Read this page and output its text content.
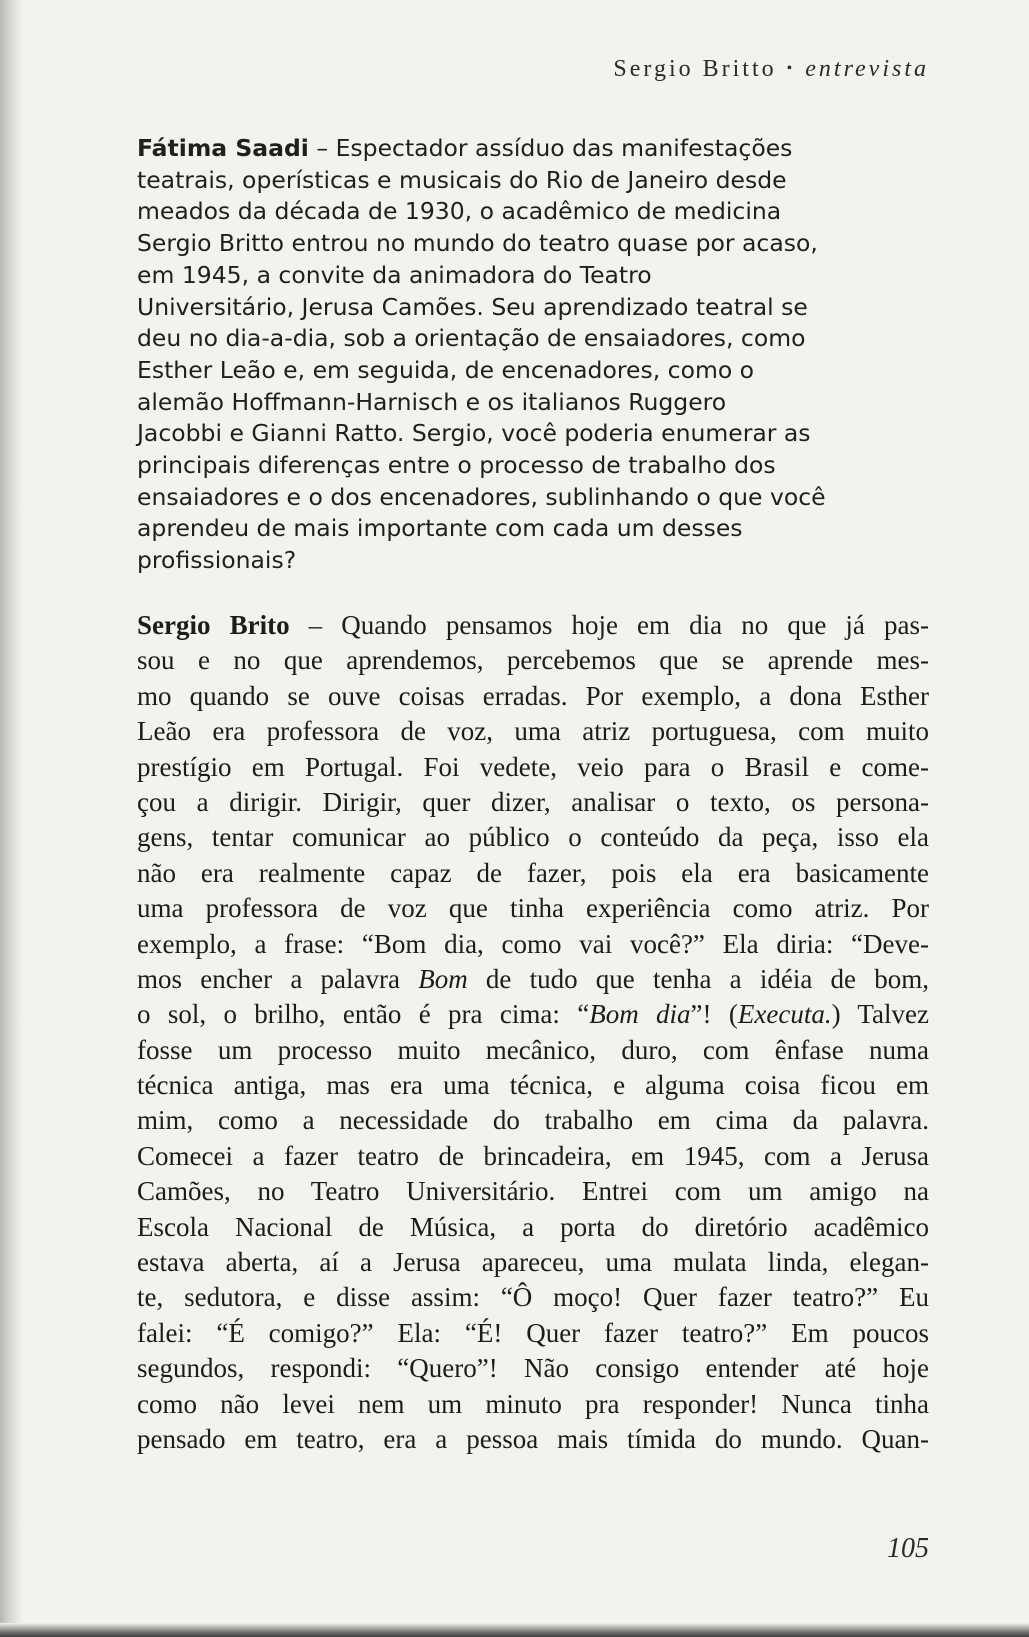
Sergio Britto • entrevista
Fátima Saadi – Espectador assíduo das manifestações
teatrais, operísticas e musicais do Rio de Janeiro desde
meados da década de 1930, o acadêmico de medicina
Sergio Britto entrou no mundo do teatro quase por acaso,
em 1945, a convite da animadora do Teatro
Universitário, Jerusa Camões. Seu aprendizado teatral se
deu no dia-a-dia, sob a orientação de ensaiadores, como
Esther Leão e, em seguida, de encenadores, como o
alemão Hoffmann-Harnisch e os italianos Ruggero
Jacobbi e Gianni Ratto. Sergio, você poderia enumerar as
principais diferenças entre o processo de trabalho dos
ensaiadores e o dos encenadores, sublinhando o que você
aprendeu de mais importante com cada um desses
profissionais?
Sergio Brito – Quando pensamos hoje em dia no que já pas-
sou e no que aprendemos, percebemos que se aprende mes-
mo quando se ouve coisas erradas. Por exemplo, a dona Esther
Leão era professora de voz, uma atriz portuguesa, com muito
prestígio em Portugal. Foi vedete, veio para o Brasil e come-
çou a dirigir. Dirigir, quer dizer, analisar o texto, os persona-
gens, tentar comunicar ao público o conteúdo da peça, isso ela
não era realmente capaz de fazer, pois ela era basicamente
uma professora de voz que tinha experiência como atriz. Por
exemplo, a frase: “Bom dia, como vai você?” Ela diria: “Deve-
mos encher a palavra Bom de tudo que tenha a idéia de bom,
o sol, o brilho, então é pra cima: “Bom dia”! (Executa.) Talvez
fosse um processo muito mecânico, duro, com ênfase numa
técnica antiga, mas era uma técnica, e alguma coisa ficou em
mim, como a necessidade do trabalho em cima da palavra.
Comecei a fazer teatro de brincadeira, em 1945, com a Jerusa
Camões, no Teatro Universitário. Entrei com um amigo na
Escola Nacional de Música, a porta do diretório acadêmico
estava aberta, aí a Jerusa apareceu, uma mulata linda, elegan-
te, sedutora, e disse assim: “Ô moço! Quer fazer teatro?” Eu
falei: “É comigo?” Ela: “É! Quer fazer teatro?” Em poucos
segundos, respondi: “Quero”! Não consigo entender até hoje
como não levei nem um minuto pra responder! Nunca tinha
pensado em teatro, era a pessoa mais tímida do mundo. Quan-
105
